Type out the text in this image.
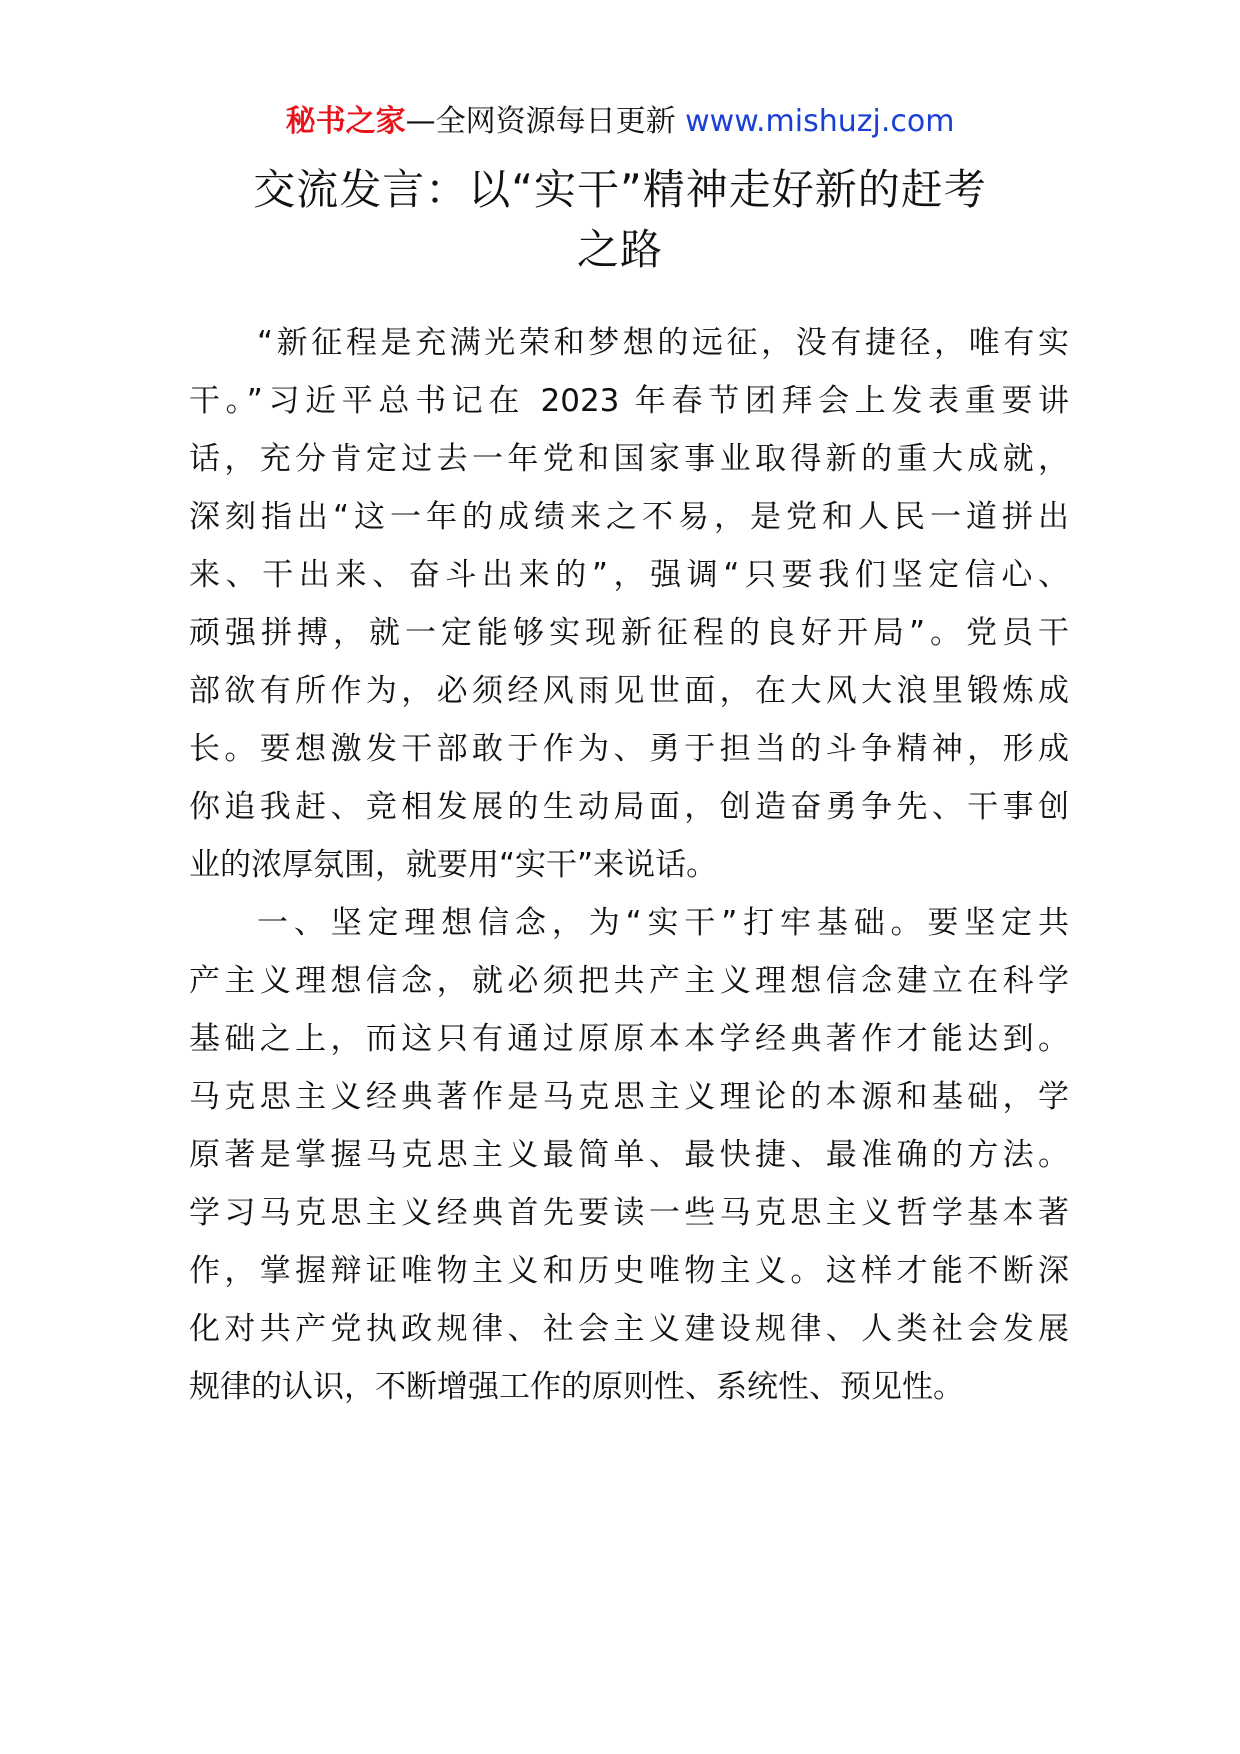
秘书之家—全网资源每日更新 www.mishuzj.com
交流发言：以“实干”精神走好新的赶考
之路
“新征程是充满光荣和梦想的远征，没有捷径，唯有实
干。”习近平总书记在 2023 年春节团拜会上发表重要讲
话，充分肯定过去一年党和国家事业取得新的重大成就，
深刻指出“这一年的成绩来之不易，是党和人民一道拼出
来、干出来、奋斗出来的”，强调“只要我们坚定信心、
顽强拼搏，就一定能够实现新征程的良好开局”。党员干
部欲有所作为，必须经风雨见世面，在大风大浪里锻炼成
长。要想激发干部敢于作为、勇于担当的斗争精神，形成
你追我赶、竞相发展的生动局面，创造奋勇争先、干事创
业的浓厚氛围，就要用“实干”来说话。
一、坚定理想信念，为“实干”打牢基础。要坚定共
产主义理想信念，就必须把共产主义理想信念建立在科学
基础之上，而这只有通过原原本本学经典著作才能达到。
马克思主义经典著作是马克思主义理论的本源和基础，学
原著是掌握马克思主义最简单、最快捷、最准确的方法。
学习马克思主义经典首先要读一些马克思主义哲学基本著
作，掌握辩证唯物主义和历史唯物主义。这样才能不断深
化对共产党执政规律、社会主义建设规律、人类社会发展
规律的认识，不断增强工作的原则性、系统性、预见性。
